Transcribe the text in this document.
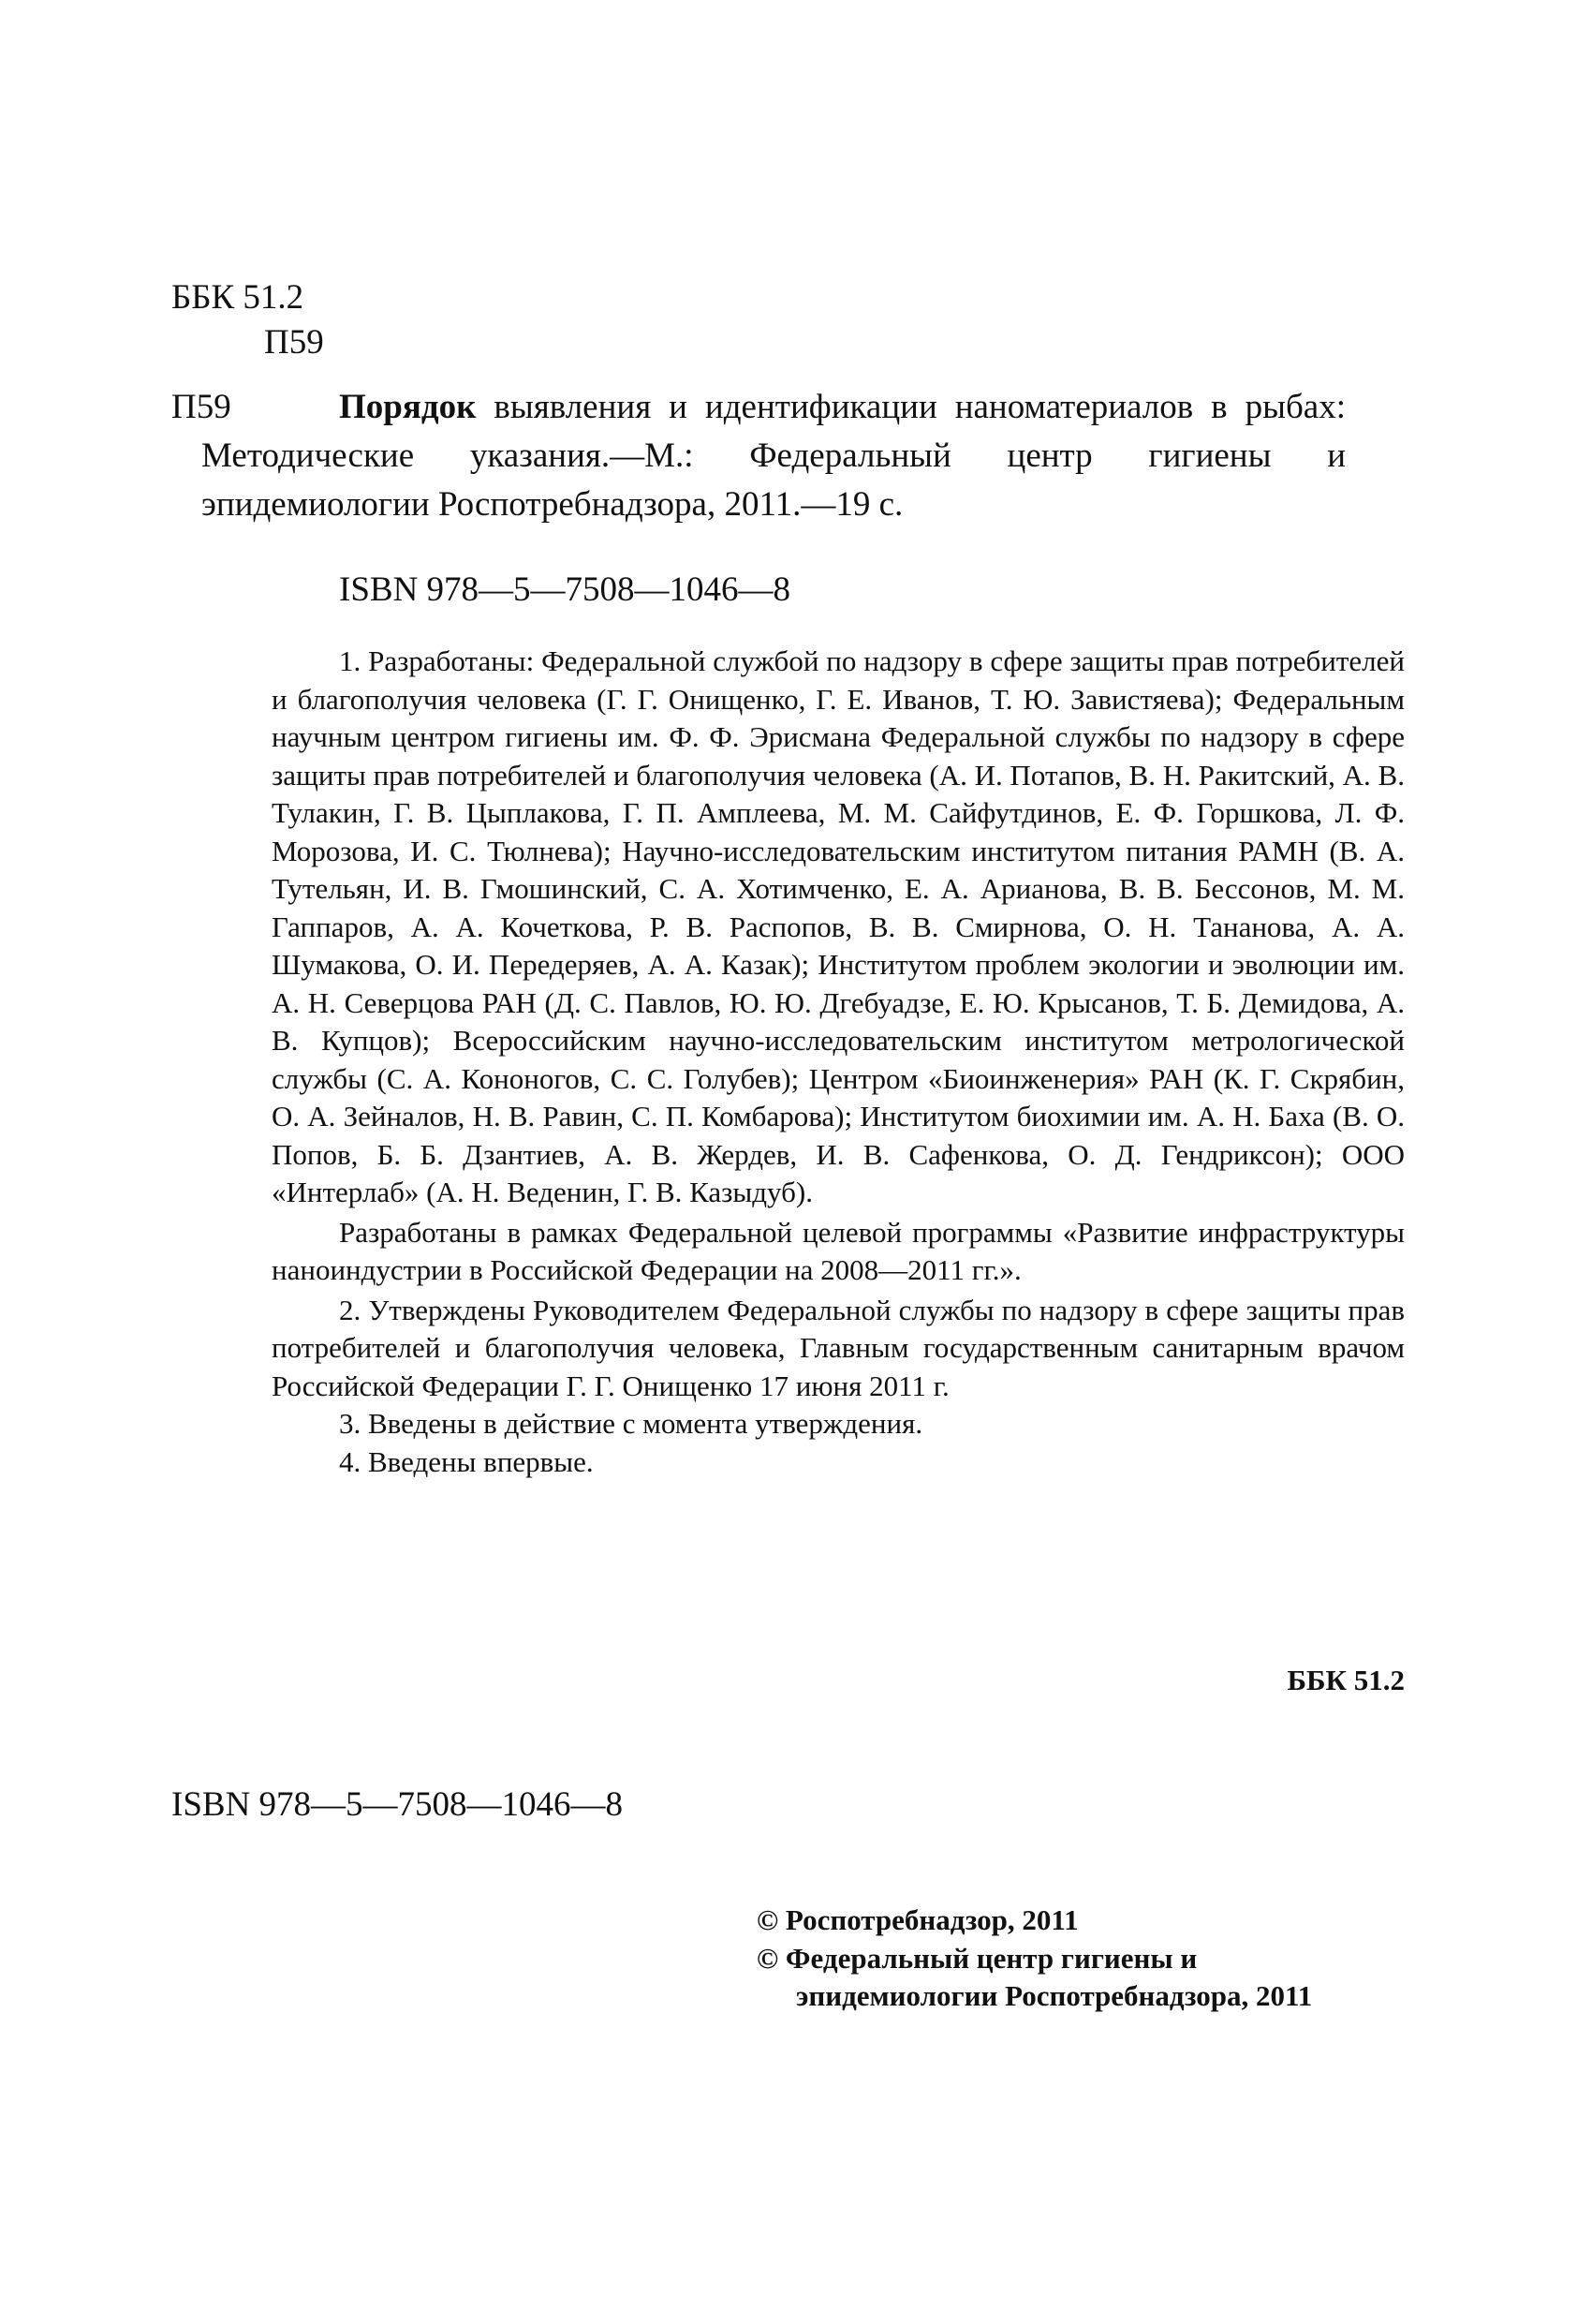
ББК 51.2
П59
П59	Порядок выявления и идентификации наноматериалов в рыбах: Методические указания.—М.: Федеральный центр гигиены и эпидемиологии Роспотребнадзора, 2011.—19 с.
ISBN 978—5—7508—1046—8

1. Разработаны: Федеральной службой по надзору в сфере защиты прав потребителей и благополучия человека (Г. Г. Онищенко, Г. Е. Иванов, Т. Ю. Завистяева); Федеральным научным центром гигиены им. Ф. Ф. Эрисмана Федеральной службы по надзору в сфере защиты прав потребителей и благополучия человека (А. И. Потапов, В. Н. Ракитский, А. В. Тулакин, Г. В. Цыплакова, Г. П. Амплеева, М. М. Сайфутдинов, Е. Ф. Горшкова, Л. Ф. Морозова, И. С. Тюлнева); Научно-исследовательским институтом питания РАМН (В. А. Тутельян, И. В. Гмошинский, С. А. Хотимченко, Е. А. Арианова, В. В. Бессонов, М. М. Гаппаров, А. А. Кочеткова, Р. В. Распопов, В. В. Смирнова, О. Н. Тананова, А. А. Шумакова, О. И. Передеряев, А. А. Казак); Институтом проблем экологии и эволюции им. А. Н. Северцова РАН (Д. С. Павлов, Ю. Ю. Дгебуадзе, Е. Ю. Крысанов, Т. Б. Демидова, А. В. Купцов); Всероссийским научно-исследовательским институтом метрологической службы (С. А. Кононогов, С. С. Голубев); Центром «Биоинженерия» РАН (К. Г. Скрябин, О. А. Зейналов, Н. В. Равин, С. П. Комбарова); Институтом биохимии им. А. Н. Баха (В. О. Попов, Б. Б. Дзантиев, А. В. Жердев, И. В. Сафенкова, О. Д. Гендриксон); ООО «Интерлаб» (А. Н. Веденин, Г. В. Казыдуб).

Разработаны в рамках Федеральной целевой программы «Развитие инфраструктуры наноиндустрии в Российской Федерации на 2008—2011 гг.».

2. Утверждены Руководителем Федеральной службы по надзору в сфере защиты прав потребителей и благополучия человека, Главным государственным санитарным врачом Российской Федерации Г. Г. Онищенко 17 июня 2011 г.

3. Введены в действие с момента утверждения.

4. Введены впервые.

ББК 51.2
ISBN 978—5—7508—1046—8
© Роспотребнадзор, 2011
© Федеральный центр гигиены и
эпидемиологии Роспотребнадзора, 2011
